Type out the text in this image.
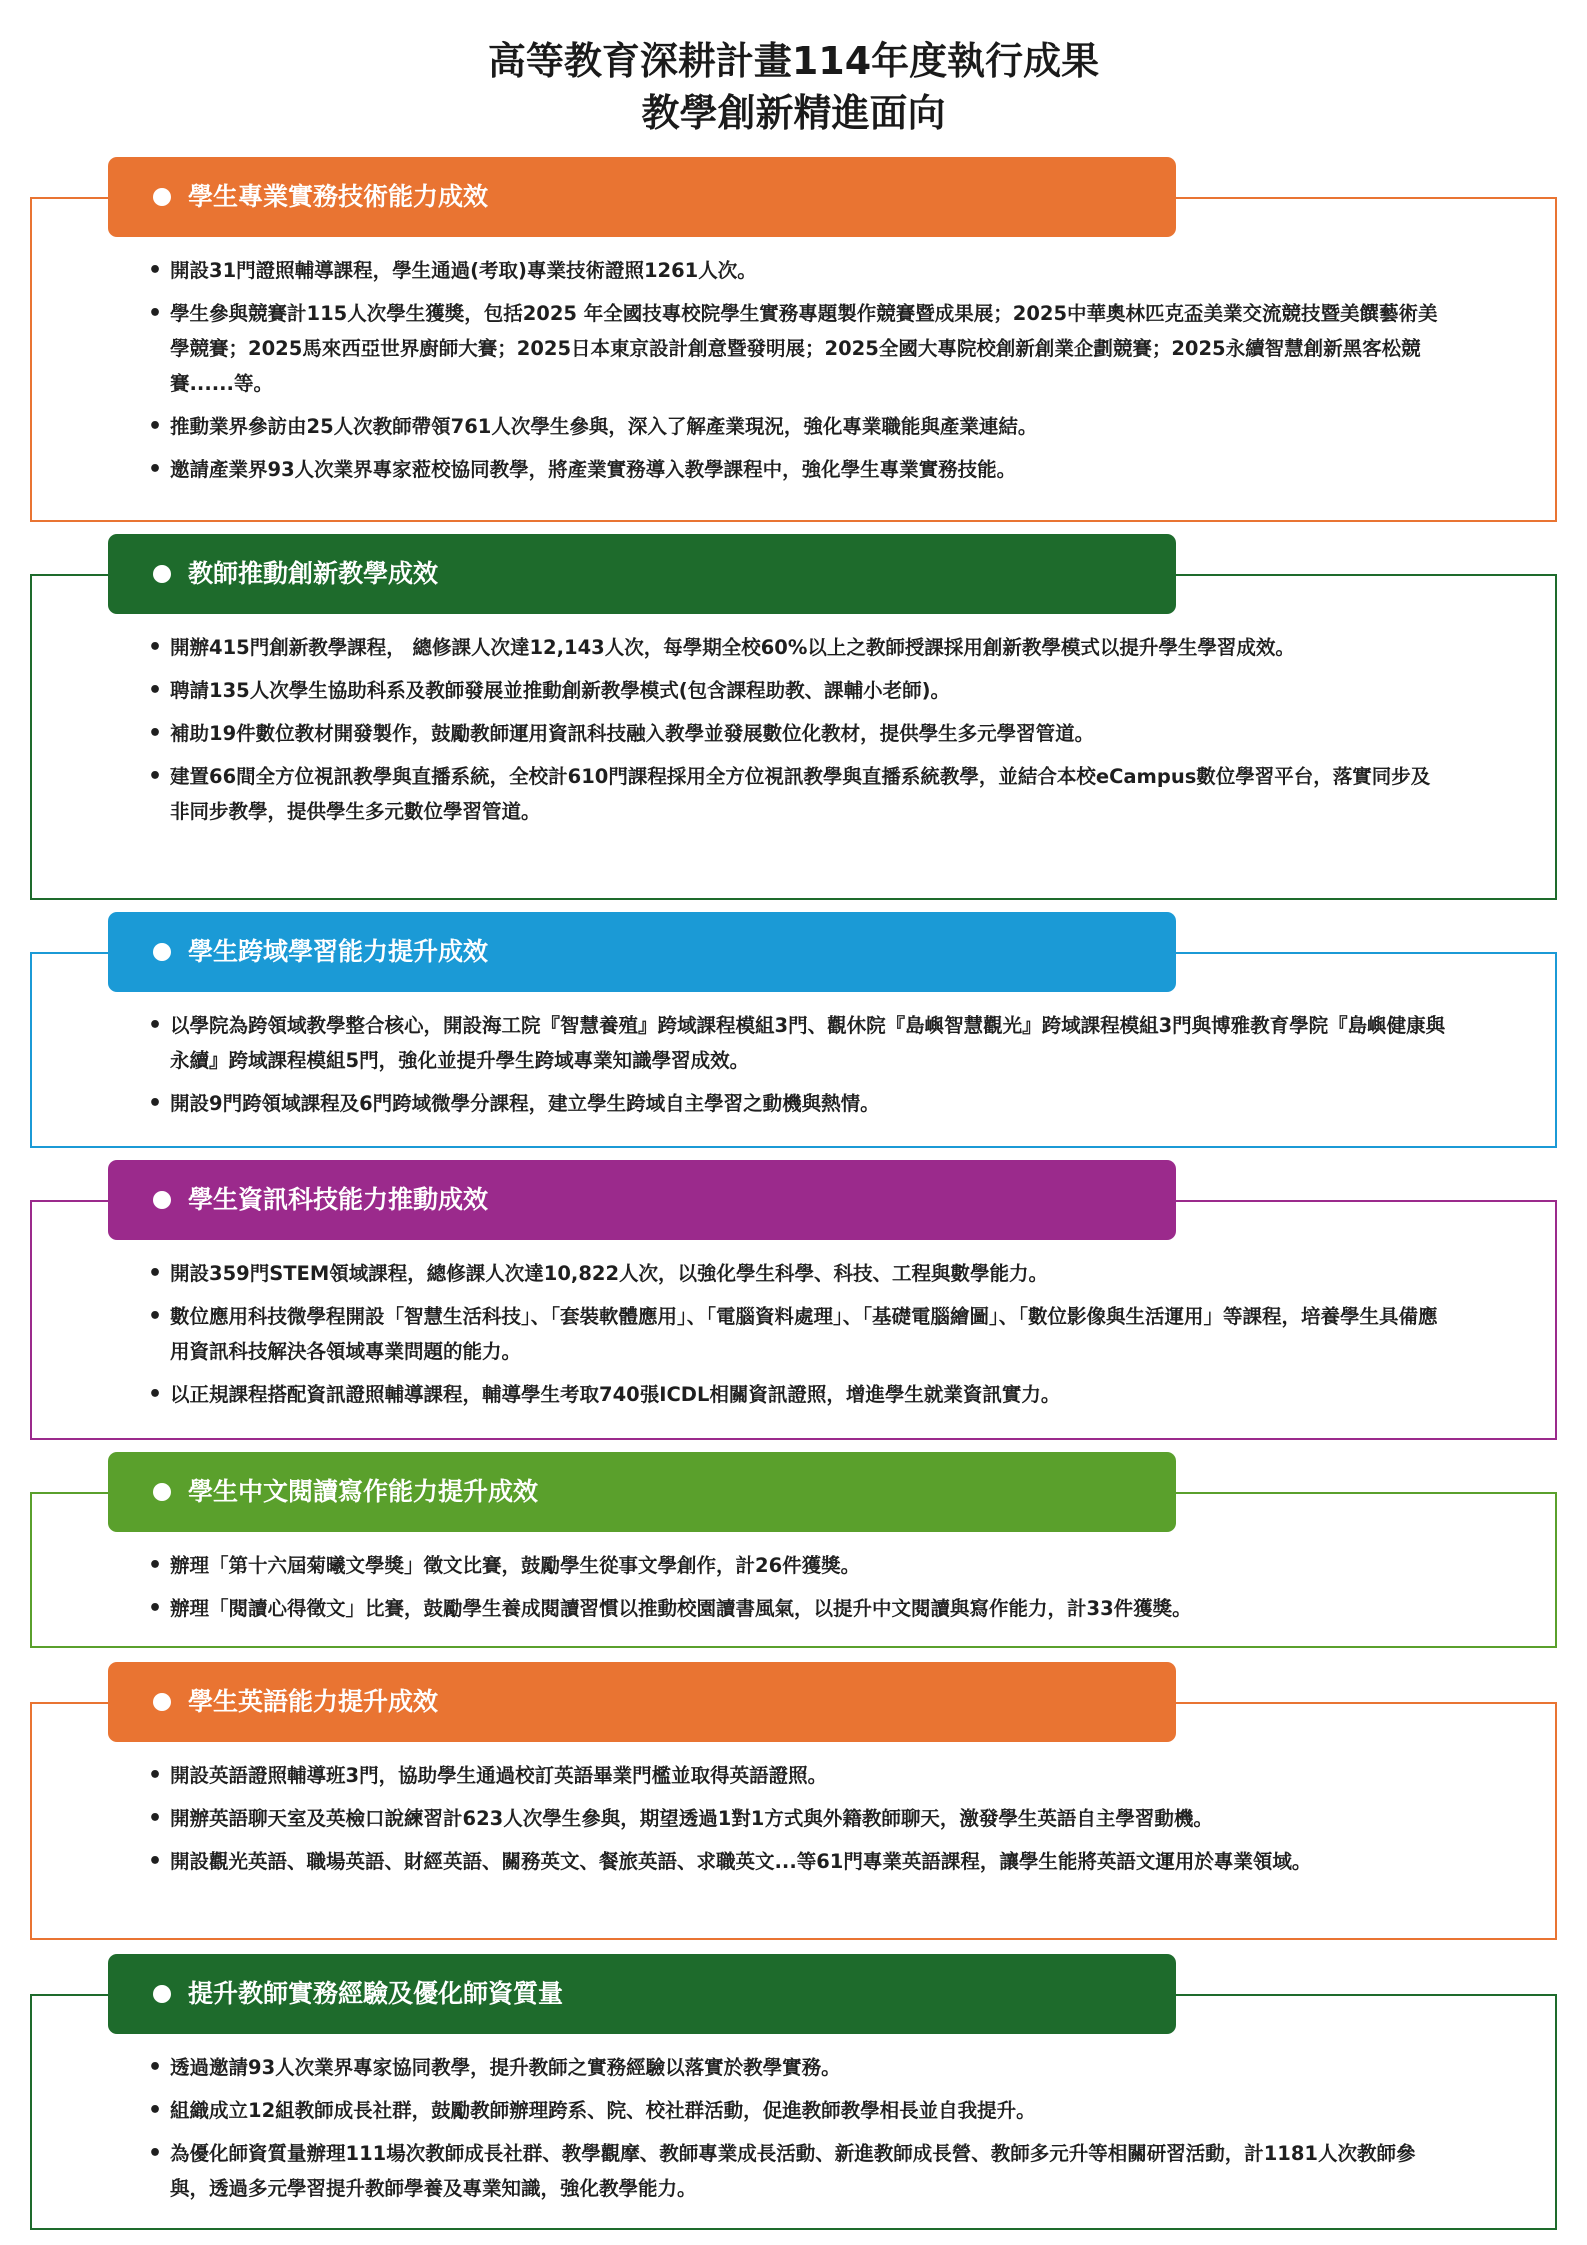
高等教育深耕計畫114年度執行成果
教學創新精進面向
學生專業實務技術能力成效
• 開設31門證照輔導課程，學生通過(考取)專業技術證照1261人次。
• 學生參與競賽計115人次學生獲獎，包括2025 年全國技專校院學生實務專題製作競賽暨成果展；2025中華奧林匹克盃美業交流競技暨美饌藝術美學競賽；2025馬來西亞世界廚師大賽；2025日本東京設計創意暨發明展；2025全國大專院校創新創業企劃競賽；2025永續智慧創新黑客松競賽......等。
• 推動業界參訪由25人次教師帶領761人次學生參與，深入了解產業現況，強化專業職能與產業連結。
• 邀請產業界93人次業界專家蒞校協同教學，將產業實務導入教學課程中，強化學生專業實務技能。
教師推動創新教學成效
• 開辦415門創新教學課程， 總修課人次達12,143人次，每學期全校60%以上之教師授課採用創新教學模式以提升學生學習成效。
• 聘請135人次學生協助科系及教師發展並推動創新教學模式(包含課程助教、課輔小老師)。
• 補助19件數位教材開發製作，鼓勵教師運用資訊科技融入教學並發展數位化教材，提供學生多元學習管道。
• 建置66間全方位視訊教學與直播系統，全校計610門課程採用全方位視訊教學與直播系統教學，並結合本校eCampus數位學習平台，落實同步及非同步教學，提供學生多元數位學習管道。
學生跨域學習能力提升成效
• 以學院為跨領域教學整合核心，開設海工院『智慧養殖』跨域課程模組3門、觀休院『島嶼智慧觀光』跨域課程模組3門與博雅教育學院『島嶼健康與永續』跨域課程模組5門，強化並提升學生跨域專業知識學習成效。
• 開設9門跨領域課程及6門跨域微學分課程，建立學生跨域自主學習之動機與熱情。
學生資訊科技能力推動成效
• 開設359門STEM領域課程，總修課人次達10,822人次，以強化學生科學、科技、工程與數學能力。
• 數位應用科技微學程開設「智慧生活科技」、「套裝軟體應用」、「電腦資料處理」、「基礎電腦繪圖」、「數位影像與生活運用」等課程，培養學生具備應用資訊科技解決各領域專業問題的能力。
• 以正規課程搭配資訊證照輔導課程，輔導學生考取740張ICDL相關資訊證照，增進學生就業資訊實力。
學生中文閱讀寫作能力提升成效
• 辦理「第十六屆菊曦文學獎」徵文比賽，鼓勵學生從事文學創作，計26件獲獎。
• 辦理「閱讀心得徵文」比賽，鼓勵學生養成閱讀習慣以推動校園讀書風氣，以提升中文閱讀與寫作能力，計33件獲獎。
學生英語能力提升成效
• 開設英語證照輔導班3門，協助學生通過校訂英語畢業門檻並取得英語證照。
• 開辦英語聊天室及英檢口說練習計623人次學生參與，期望透過1對1方式與外籍教師聊天，激發學生英語自主學習動機。
• 開設觀光英語、職場英語、財經英語、關務英文、餐旅英語、求職英文...等61門專業英語課程，讓學生能將英語文運用於專業領域。
提升教師實務經驗及優化師資質量
• 透過邀請93人次業界專家協同教學，提升教師之實務經驗以落實於教學實務。
• 組織成立12組教師成長社群，鼓勵教師辦理跨系、院、校社群活動，促進教師教學相長並自我提升。
• 為優化師資質量辦理111場次教師成長社群、教學觀摩、教師專業成長活動、新進教師成長營、教師多元升等相關研習活動，計1181人次教師參與，透過多元學習提升教師學養及專業知識，強化教學能力。
